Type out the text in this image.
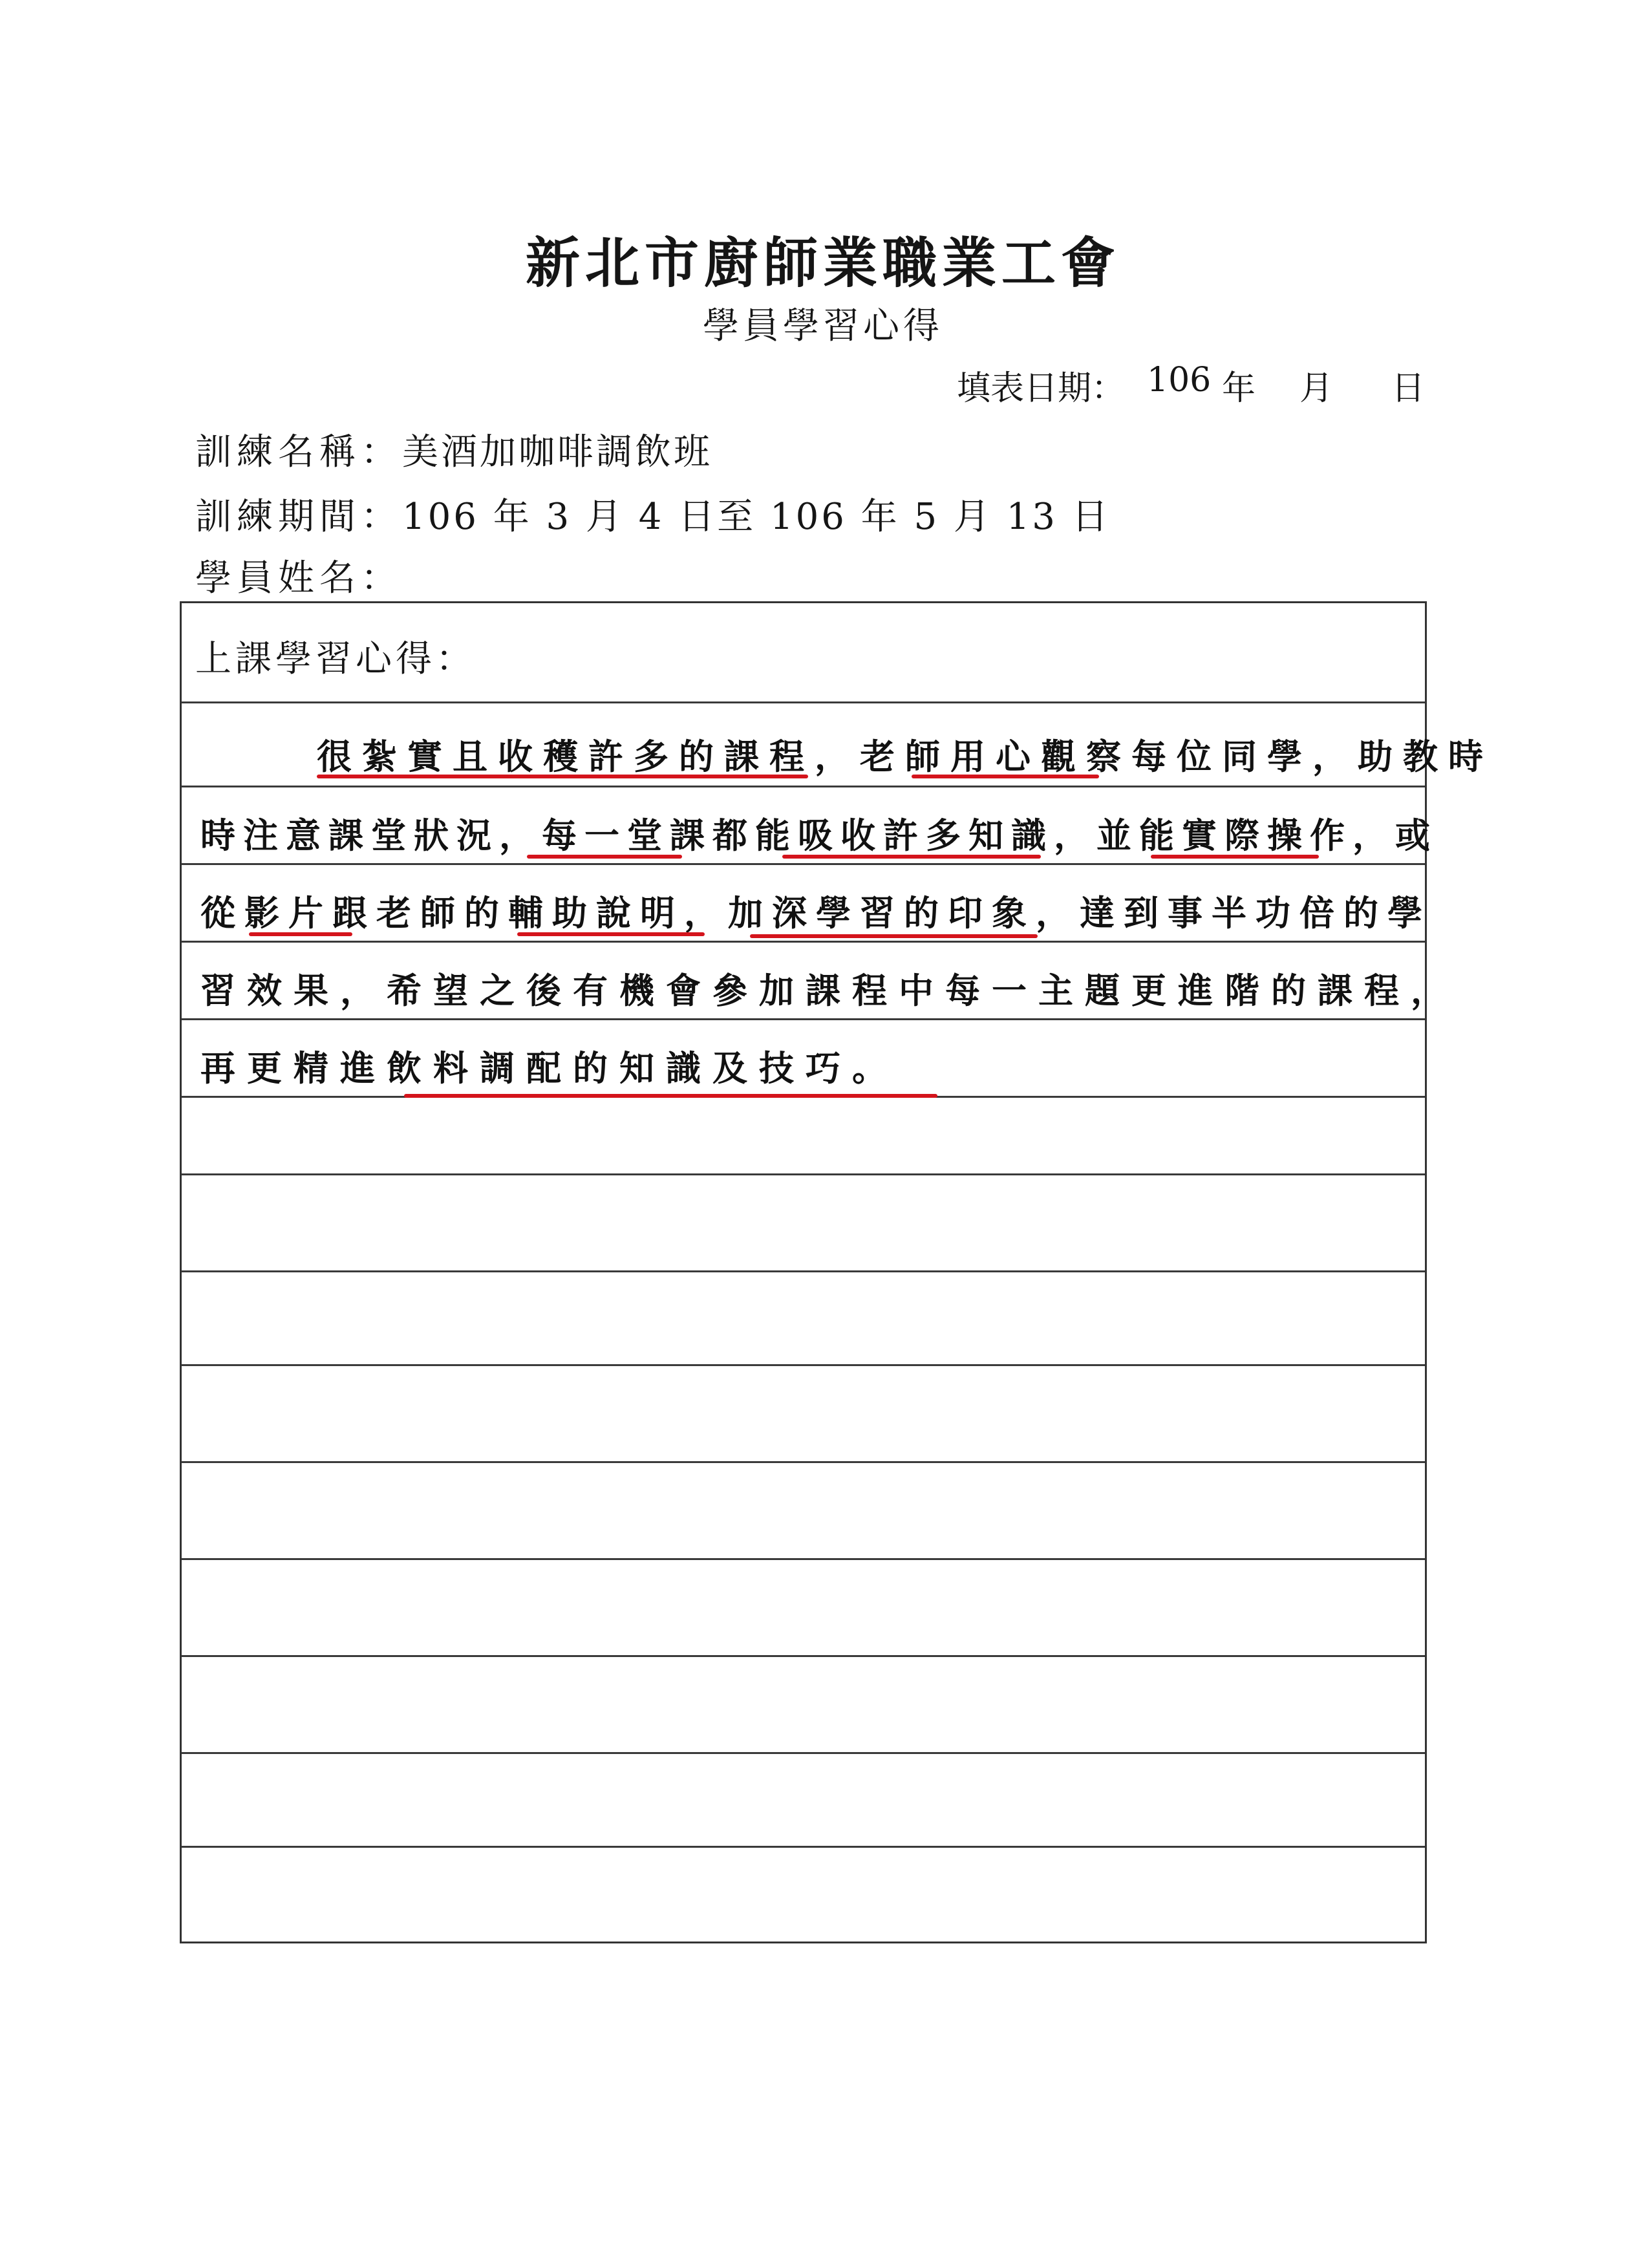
新北市廚師業職業工會
學員學習心得
填表日期： 106 年 月 日
訓練名稱：美酒加咖啡調飲班
訓練期間：106 年 3 月 4 日至 106 年 5 月 13 日
學員姓名：
上課學習心得：
很紮實且收穫許多的課程，老師用心觀察每位同學，助教時
時注意課堂狀況，每一堂課都能吸收許多知識，並能實際操作，或
從影片跟老師的輔助說明，加深學習的印象，達到事半功倍的學
習效果，希望之後有機會參加課程中每一主題更進階的課程，
再更精進飲料調配的知識及技巧。
